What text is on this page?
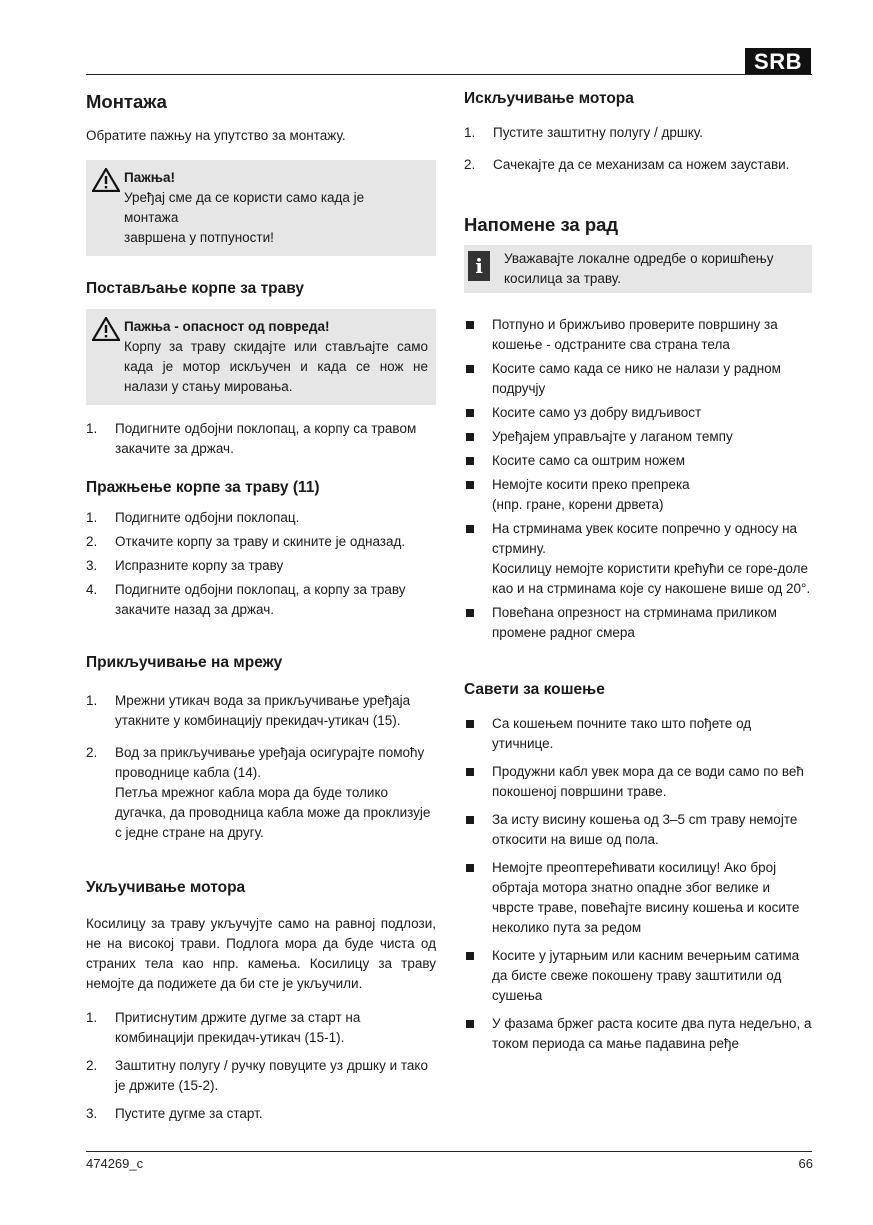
SRB
Монтажа

Обратите пажњу на упутство за монтажу.

Пажња!
Уређај сме да се користи само када је
монтажа
завршена у потпуности!
Постављање корпе за траву
Пажња - опасност од повреда!
Корпу за траву скидајте или стављајте само када је мотор искључен и када се нож не налази у стању мировања.
1. Подигните одбојни поклопац, а корпу са травом закачите за држач.
Пражњење корпе за траву (11)
1. Подигните одбојни поклопац.
2. Откачите корпу за траву и скините је одназад.
3. Испразните корпу за траву
4. Подигните одбојни поклопац, а корпу за траву закачите назад за држач.
Прикључивање на мрежу
1. Мрежни утикач вода за прикључивање уређаја утакните у комбинацију прекидач-утикач (15).
2. Вод за прикључивање уређаја осигурајте помоћу проводнице кабла (14).
Петља мрежног кабла мора да буде толико дугачка, да проводница кабла може да проклизује с једне стране на другу.
Укључивање мотора

Косилицу за траву укључујте само на равној подлози, не на високој трави. Подлога мора да буде чиста од страних тела као нпр. камења. Косилицу за траву немојте да подижете да би сте је укључили.

1. Притиснутим држите дугме за старт на комбинацији прекидач-утикач (15-1).
2. Заштитну полугу / ручку повуците уз дршку и тако је држите (15-2).
3. Пустите дугме за старт.
Искључивање мотора
1. Пустите заштитну полугу / дршку.
2. Сачекајте да се механизам са ножем заустави.
Напомене за рад
i	Уважавајте локалне одредбе о коришћењу косилица за траву.
Потпуно и брижљиво проверите површину за кошење - одстраните сва страна тела
Косите само када се нико не налази у радном подручју
Косите само уз добру видљивост
Уређајем управљајте у лаганом темпу
Косите само са оштрим ножем
Немојте косити преко препрека
(нпр. гране, корени дрвета)
На стрминама увек косите попречно у односу на стрмину.
Косилицу немојте користити крећући се горе-доле као и на стрминама које су накошене више од 20°.
Повећана опрезност на стрминама приликом промене радног смера
Савети за кошење
Са кошењем почните тако што пођете од утичнице.
Продужни кабл увек мора да се води само по већ покошеној површини траве.
За исту висину кошења од 3–5 cm траву немојте откосити на више од пола.
Немојте преоптерећивати косилицу! Ако број обртаја мотора знатно опадне због велике и чврсте траве, повећајте висину кошења и косите неколико пута за редом
Косите у јутарњим или касним вечерњим сатима да бисте свеже покошену траву заштитили од сушења
У фазама бржег раста косите два пута недељно, а током периода са мање падавина ређе
474269_c	66
